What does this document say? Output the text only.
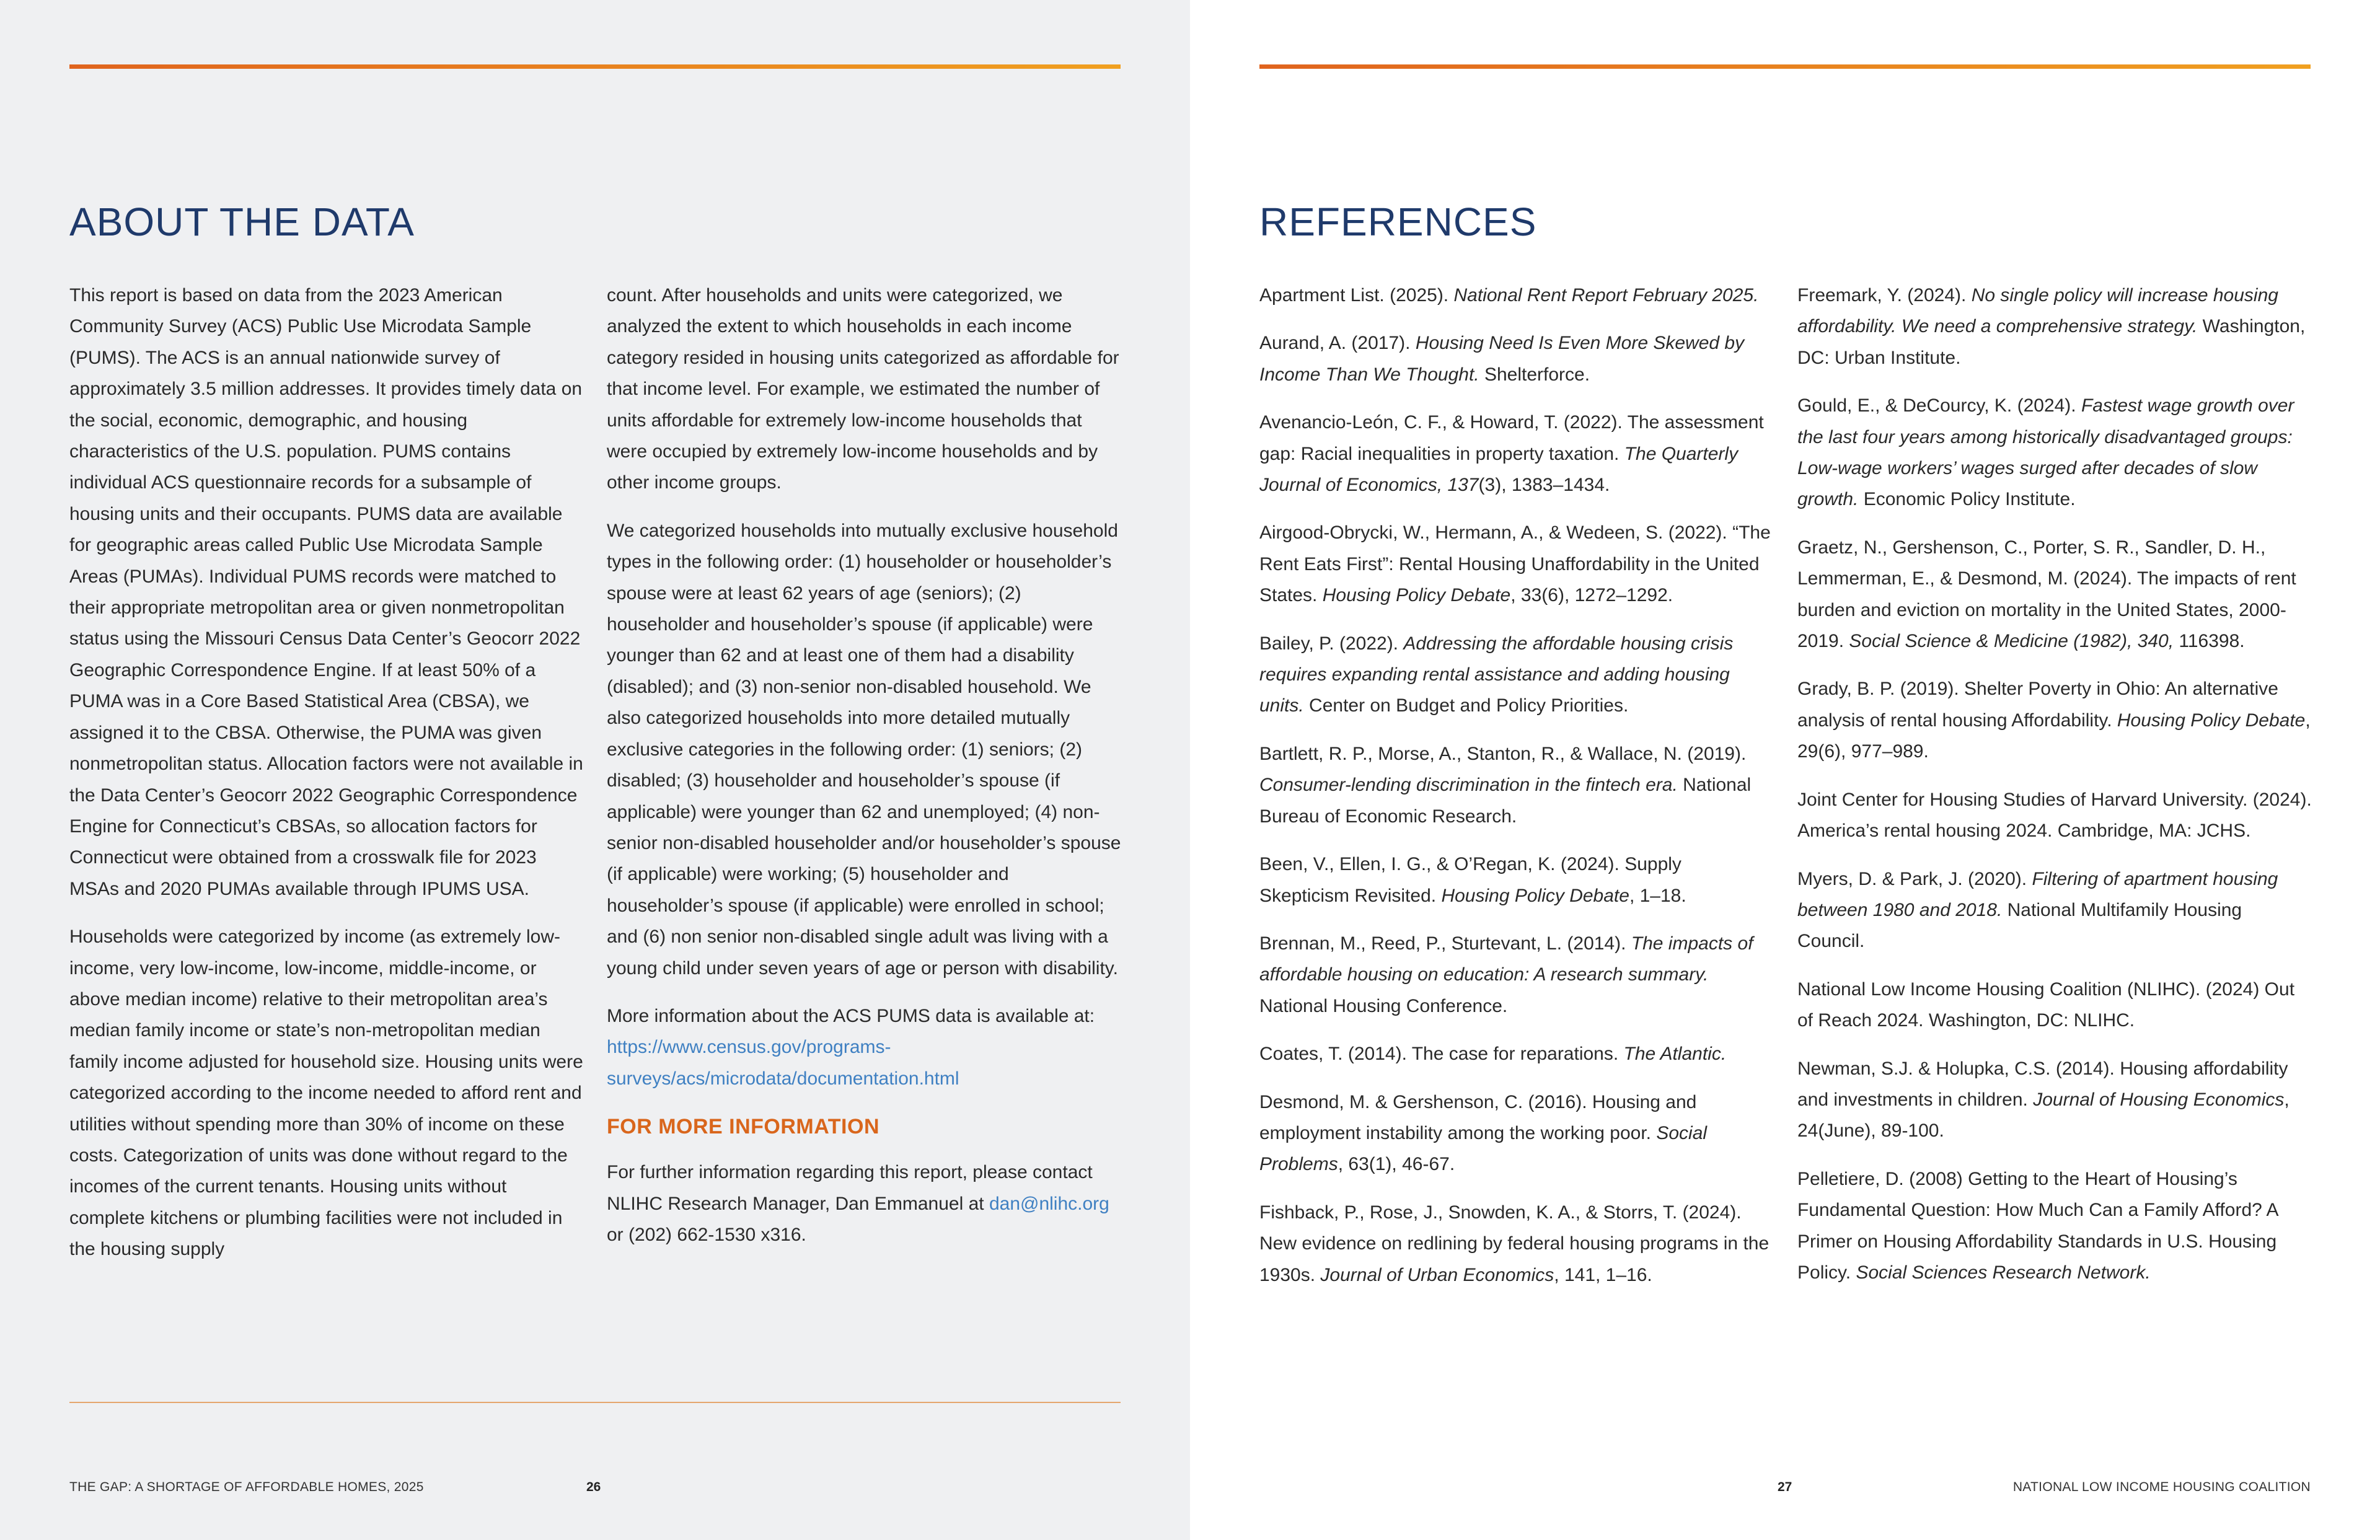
ABOUT THE DATA

This report is based on data from the 2023 American Community Survey (ACS) Public Use Microdata Sample (PUMS). The ACS is an annual nationwide survey of approximately 3.5 million addresses. It provides timely data on the social, economic, demographic, and housing characteristics of the U.S. population. PUMS contains individual ACS questionnaire records for a subsample of housing units and their occupants. PUMS data are available for geographic areas called Public Use Microdata Sample Areas (PUMAs). Individual PUMS records were matched to their appropriate metropolitan area or given nonmetropolitan status using the Missouri Census Data Center’s Geocorr 2022 Geographic Correspondence Engine. If at least 50% of a PUMA was in a Core Based Statistical Area (CBSA), we assigned it to the CBSA. Otherwise, the PUMA was given nonmetropolitan status. Allocation factors were not available in the Data Center’s Geocorr 2022 Geographic Correspondence Engine for Connecticut’s CBSAs, so allocation factors for Connecticut were obtained from a crosswalk file for 2023 MSAs and 2020 PUMAs available through IPUMS USA.

Households were categorized by income (as extremely low-income, very low-income, low-income, middle-income, or above median income) relative to their metropolitan area’s median family income or state’s non-metropolitan median family income adjusted for household size. Housing units were categorized according to the income needed to afford rent and utilities without spending more than 30% of income on these costs. Categorization of units was done without regard to the incomes of the current tenants. Housing units without complete kitchens or plumbing facilities were not included in the housing supply

count. After households and units were categorized, we analyzed the extent to which households in each income category resided in housing units categorized as affordable for that income level. For example, we estimated the number of units affordable for extremely low-income households that were occupied by extremely low-income households and by other income groups.

We categorized households into mutually exclusive household types in the following order: (1) householder or householder’s spouse were at least 62 years of age (seniors); (2) householder and householder’s spouse (if applicable) were younger than 62 and at least one of them had a disability (disabled); and (3) non-senior non-disabled household. We also categorized households into more detailed mutually exclusive categories in the following order: (1) seniors; (2) disabled; (3) householder and householder’s spouse (if applicable) were younger than 62 and unemployed; (4) non-senior non-disabled householder and/or householder’s spouse (if applicable) were working; (5) householder and householder’s spouse (if applicable) were enrolled in school; and (6) non senior non-disabled single adult was living with a young child under seven years of age or person with disability.

More information about the ACS PUMS data is available at: https://www.census.gov/programs-surveys/acs/microdata/documentation.html

FOR MORE INFORMATION

For further information regarding this report, please contact NLIHC Research Manager, Dan Emmanuel at dan@nlihc.org or (202) 662-1530 x316.

THE GAP: A SHORTAGE OF AFFORDABLE HOMES, 2025	26
REFERENCES

Apartment List. (2025). National Rent Report February 2025.

Aurand, A. (2017). Housing Need Is Even More Skewed by Income Than We Thought. Shelterforce.

Avenancio-León, C. F., & Howard, T. (2022). The assessment gap: Racial inequalities in property taxation. The Quarterly Journal of Economics, 137(3), 1383–1434.

Airgood-Obrycki, W., Hermann, A., & Wedeen, S. (2022). “The Rent Eats First”: Rental Housing Unaffordability in the United States. Housing Policy Debate, 33(6), 1272–1292.

Bailey, P. (2022). Addressing the affordable housing crisis requires expanding rental assistance and adding housing units. Center on Budget and Policy Priorities.

Bartlett, R. P., Morse, A., Stanton, R., & Wallace, N. (2019). Consumer-lending discrimination in the fintech era. National Bureau of Economic Research.

Been, V., Ellen, I. G., & O’Regan, K. (2024). Supply Skepticism Revisited. Housing Policy Debate, 1–18.

Brennan, M., Reed, P., Sturtevant, L. (2014). The impacts of affordable housing on education: A research summary. National Housing Conference.

Coates, T. (2014). The case for reparations. The Atlantic.

Desmond, M. & Gershenson, C. (2016). Housing and employment instability among the working poor. Social Problems, 63(1), 46-67.

Fishback, P., Rose, J., Snowden, K. A., & Storrs, T. (2024). New evidence on redlining by federal housing programs in the 1930s. Journal of Urban Economics, 141, 1–16.

Freemark, Y. (2024). No single policy will increase housing affordability. We need a comprehensive strategy. Washington, DC: Urban Institute.

Gould, E., & DeCourcy, K. (2024). Fastest wage growth over the last four years among historically disadvantaged groups: Low-wage workers’ wages surged after decades of slow growth. Economic Policy Institute.

Graetz, N., Gershenson, C., Porter, S. R., Sandler, D. H., Lemmerman, E., & Desmond, M. (2024). The impacts of rent burden and eviction on mortality in the United States, 2000-2019. Social Science & Medicine (1982), 340, 116398.

Grady, B. P. (2019). Shelter Poverty in Ohio: An alternative analysis of rental housing Affordability. Housing Policy Debate, 29(6), 977–989.

Joint Center for Housing Studies of Harvard University. (2024). America’s rental housing 2024. Cambridge, MA: JCHS.

Myers, D. & Park, J. (2020). Filtering of apartment housing between 1980 and 2018. National Multifamily Housing Council.

National Low Income Housing Coalition (NLIHC). (2024) Out of Reach 2024. Washington, DC: NLIHC.

Newman, S.J. & Holupka, C.S. (2014). Housing affordability and investments in children. Journal of Housing Economics, 24(June), 89-100.

Pelletiere, D. (2008) Getting to the Heart of Housing’s Fundamental Question: How Much Can a Family Afford? A Primer on Housing Affordability Standards in U.S. Housing Policy. Social Sciences Research Network.

27	NATIONAL LOW INCOME HOUSING COALITION
